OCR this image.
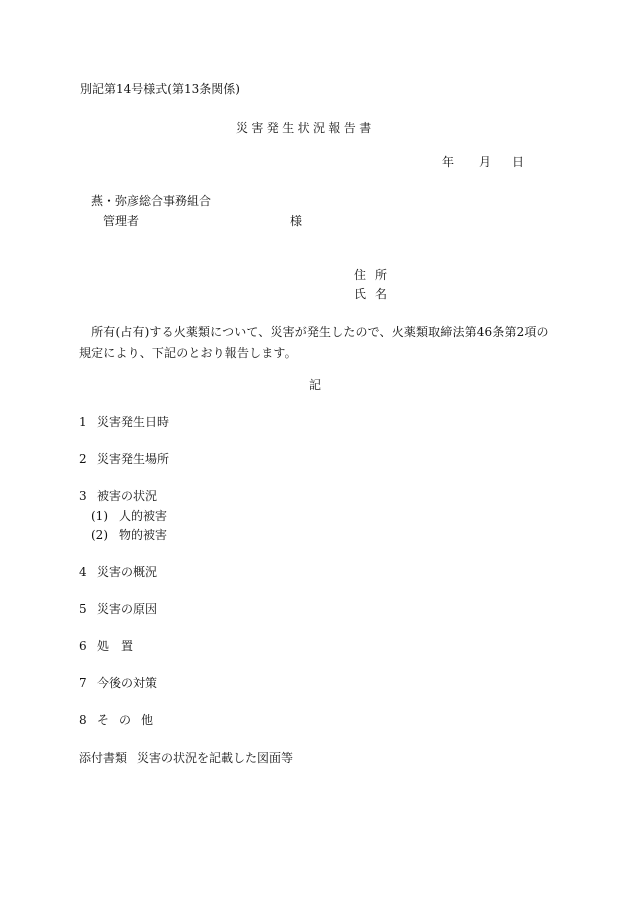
別記第14号様式(第13条関係)
災害発生状況報告書
年 月 日
燕・弥彦総合事務組合
管理者	様
住所
氏名
　所有(占有)する火薬類について、災害が発生したので、火薬類取締法第46条第2項の規定により、下記のとおり報告します。
記
1 災害発生日時
2 災害発生場所
3 被害の状況
(1) 人的被害
(2) 物的被害
4 災害の概況
5 災害の原因
6 処置
7 今後の対策
8 その他
添付書類 災害の状況を記載した図面等
